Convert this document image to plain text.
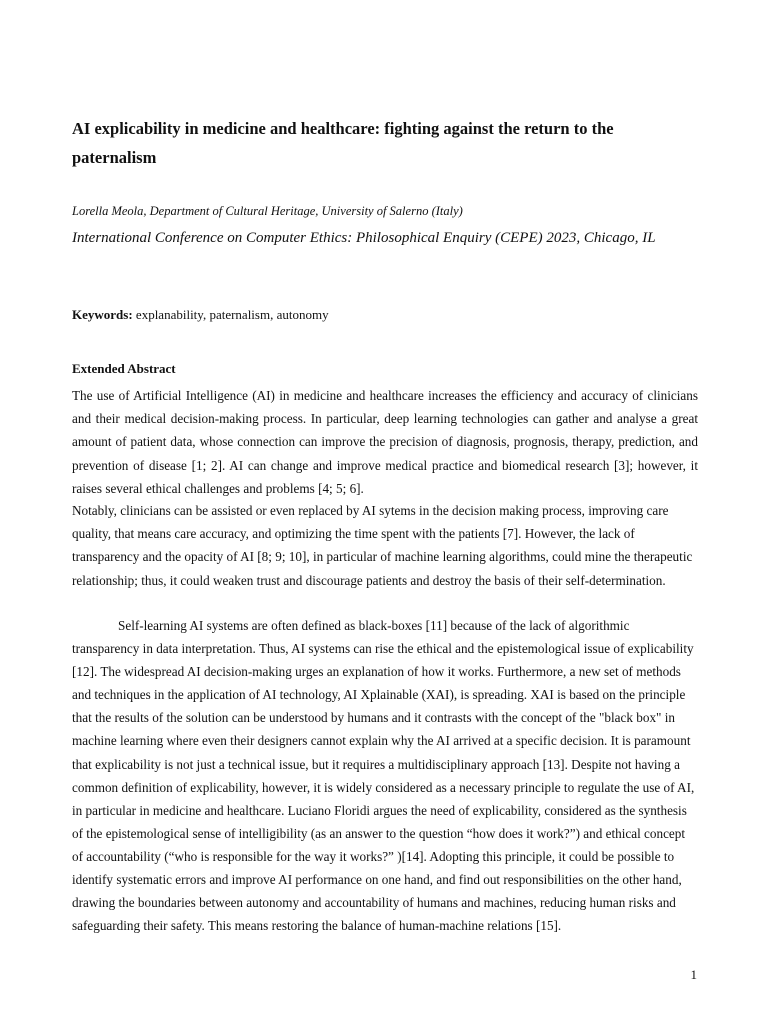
AI explicability in medicine and healthcare: fighting against the return to the paternalism

Lorella Meola, Department of Cultural Heritage, University of Salerno (Italy)

International Conference on Computer Ethics: Philosophical Enquiry (CEPE) 2023, Chicago, IL

Keywords: explanability, paternalism, autonomy

Extended Abstract

The use of Artificial Intelligence (AI) in medicine and healthcare increases the efficiency and accuracy of clinicians and their medical decision-making process. In particular, deep learning technologies can gather and analyse a great amount of patient data, whose connection can improve the precision of diagnosis, prognosis, therapy, prediction, and prevention of disease [1; 2]. AI can change and improve medical practice and biomedical research [3]; however, it raises several ethical challenges and problems [4; 5; 6].

Notably, clinicians can be assisted or even replaced by AI sytems in the decision making process, improving care quality, that means care accuracy, and optimizing the time spent with the patients [7]. However, the lack of transparency and the opacity of AI [8; 9; 10], in particular of machine learning algorithms, could mine the therapeutic relationship; thus, it could weaken trust and discourage patients and destroy the basis of their self-determination.

Self-learning AI systems are often defined as black-boxes [11] because of the lack of algorithmic transparency in data interpretation. Thus, AI systems can rise the ethical and the epistemological issue of explicability [12]. The widespread AI decision-making urges an explanation of how it works. Furthermore, a new set of methods and techniques in the application of AI technology, AI Xplainable (XAI), is spreading. XAI is based on the principle that the results of the solution can be understood by humans and it contrasts with the concept of the "black box" in machine learning where even their designers cannot explain why the AI arrived at a specific decision. It is paramount that explicability is not just a technical issue, but it requires a multidisciplinary approach [13]. Despite not having a common definition of explicability, however, it is widely considered as a necessary principle to regulate the use of AI, in particular in medicine and healthcare. Luciano Floridi argues the need of explicability, considered as the synthesis of the epistemological sense of intelligibility (as an answer to the question “how does it work?”) and ethical concept of accountability (“who is responsible for the way it works?” )[14]. Adopting this principle, it could be possible to identify systematic errors and improve AI performance on one hand, and find out responsibilities on the other hand, drawing the boundaries between autonomy and accountability of humans and machines, reducing human risks and safeguarding their safety. This means restoring the balance of human-machine relations [15].

1
